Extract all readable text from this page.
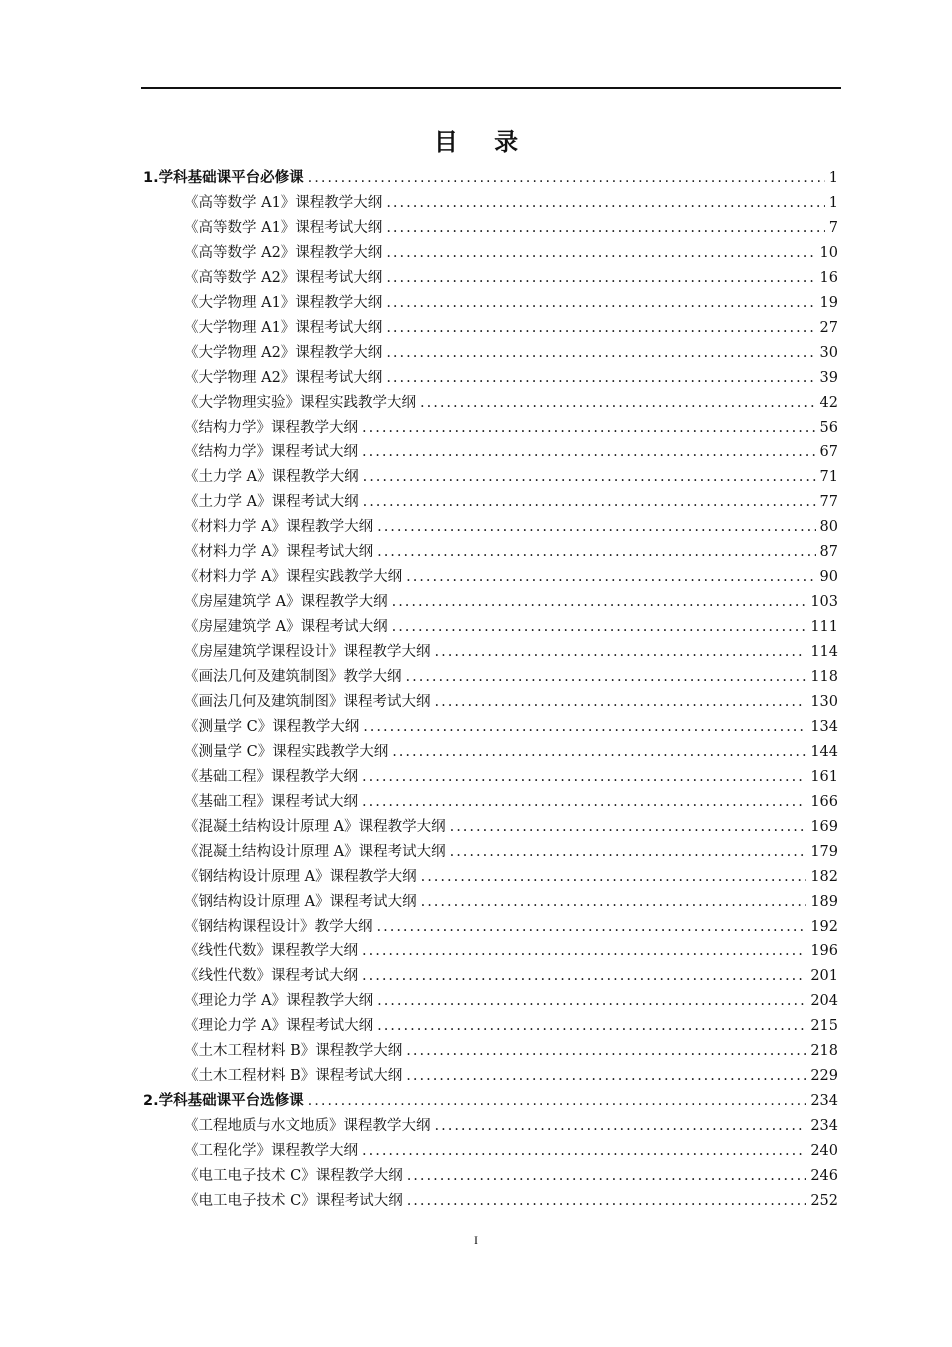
目 录
1.学科基础课平台必修课 .....	1
《高等数学 A1》课程教学大纲 .....	1
《高等数学 A1》课程考试大纲 .....	7
《高等数学 A2》课程教学大纲 .....	10
《高等数学 A2》课程考试大纲 .....	16
《大学物理 A1》课程教学大纲 .....	19
《大学物理 A1》课程考试大纲 .....	27
《大学物理 A2》课程教学大纲 .....	30
《大学物理 A2》课程考试大纲 .....	39
《大学物理实验》课程实践教学大纲 .....	42
《结构力学》课程教学大纲 .....	56
《结构力学》课程考试大纲 .....	67
《土力学 A》课程教学大纲 .....	71
《土力学 A》课程考试大纲 .....	77
《材料力学 A》课程教学大纲 .....	80
《材料力学 A》课程考试大纲 .....	87
《材料力学 A》课程实践教学大纲 .....	90
《房屋建筑学 A》课程教学大纲 .....	103
《房屋建筑学 A》课程考试大纲 .....	111
《房屋建筑学课程设计》课程教学大纲 .....	114
《画法几何及建筑制图》教学大纲 .....	118
《画法几何及建筑制图》课程考试大纲 .....	130
《测量学 C》课程教学大纲 .....	134
《测量学 C》课程实践教学大纲 .....	144
《基础工程》课程教学大纲 .....	161
《基础工程》课程考试大纲 .....	166
《混凝土结构设计原理 A》课程教学大纲 .....	169
《混凝土结构设计原理 A》课程考试大纲 .....	179
《钢结构设计原理 A》课程教学大纲 .....	182
《钢结构设计原理 A》课程考试大纲 .....	189
《钢结构课程设计》教学大纲 .....	192
《线性代数》课程教学大纲 .....	196
《线性代数》课程考试大纲 .....	201
《理论力学 A》课程教学大纲 .....	204
《理论力学 A》课程考试大纲 .....	215
《土木工程材料 B》课程教学大纲 .....	218
《土木工程材料 B》课程考试大纲 .....	229
2.学科基础课平台选修课 .....	234
《工程地质与水文地质》课程教学大纲 .....	234
《工程化学》课程教学大纲 .....	240
《电工电子技术 C》课程教学大纲 .....	246
《电工电子技术 C》课程考试大纲 .....	252
I
